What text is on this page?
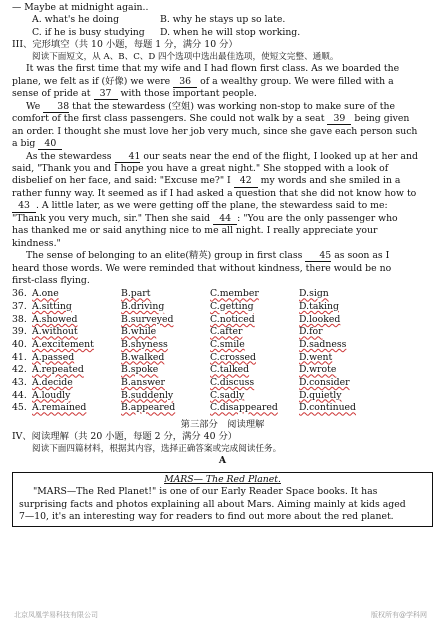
— Maybe at midnight again..
A. what's he doing	B. why he stays up so late.
C. if he is busy studying	D. when he will stop working.
III、完形填空（共 10 小题，每题 1 分，满分 10 分）
阅读下面短文，从 A、B、C、D 四个选项中选出最佳选项，使短文完整、通顺。
It was the first time that my wife and I had flown first class. As we boarded the
plane, we felt as if (好像) we were 36 of a wealthy group. We were filled with a
sense of pride at 37 with those important people.
We 38 that the stewardess (空姐) was working non-stop to make sure of the
comfort of the first class passengers. She could not walk by a seat 39 being given
an order. I thought she must love her job very much, since she gave each person such
a big 40
As the stewardess 41 our seats near the end of the flight, I looked up at her and
said, "Thank you and I hope you have a great night." She stopped with a look of
disbelief on her face, and said: "Excuse me?" I 42 my words and she smiled in a
rather funny way. It seemed as if I had asked a question that she did not know how to
43 . A little later, as we were getting off the plane, the stewardess said to me:
"Thank you very much, sir." Then she said 44 : "You are the only passenger who
has thanked me or said anything nice to me all night. I really appreciate your
kindness."
The sense of belonging to an elite(精英) group in first class 45 as soon as I
heard those words. We were reminded that without kindness, there would be no
first-class flying.
36. A.one	B.part	C.member	D.sign
37. A.sitting	B.driving	C.getting	D.taking
38. A.showed	B.surveyed	C.noticed	D.looked
39. A.without	B.while	C.after	D.for
40. A.excitement	B.shyness	C.smile	D.sadness
41. A.passed	B.walked	C.crossed	D.went
42. A.repeated	B.spoke	C.talked	D.wrote
43. A.decide	B.answer	C.discuss	D.consider
44. A.loudly	B.suddenly	C.sadly	D.quietly
45. A.remained	B.appeared	C.disappeared	D.continued
第三部分　阅读理解
IV、阅读理解（共 20 小题，每题 2 分，满分 40 分）
阅读下面四篇材料，根据其内容，选择正确答案或完成阅读任务。
A
MARS— The Red Planet.
"MARS—The Red Planet!" is one of our Early Reader Space books. It has
surprising facts and photos explaining all about Mars. Aiming mainly at kids aged
7—10, it's an interesting way for readers to find out more about the red planet.
北京凤凰学易科技有限公司	版权所有@学科网
